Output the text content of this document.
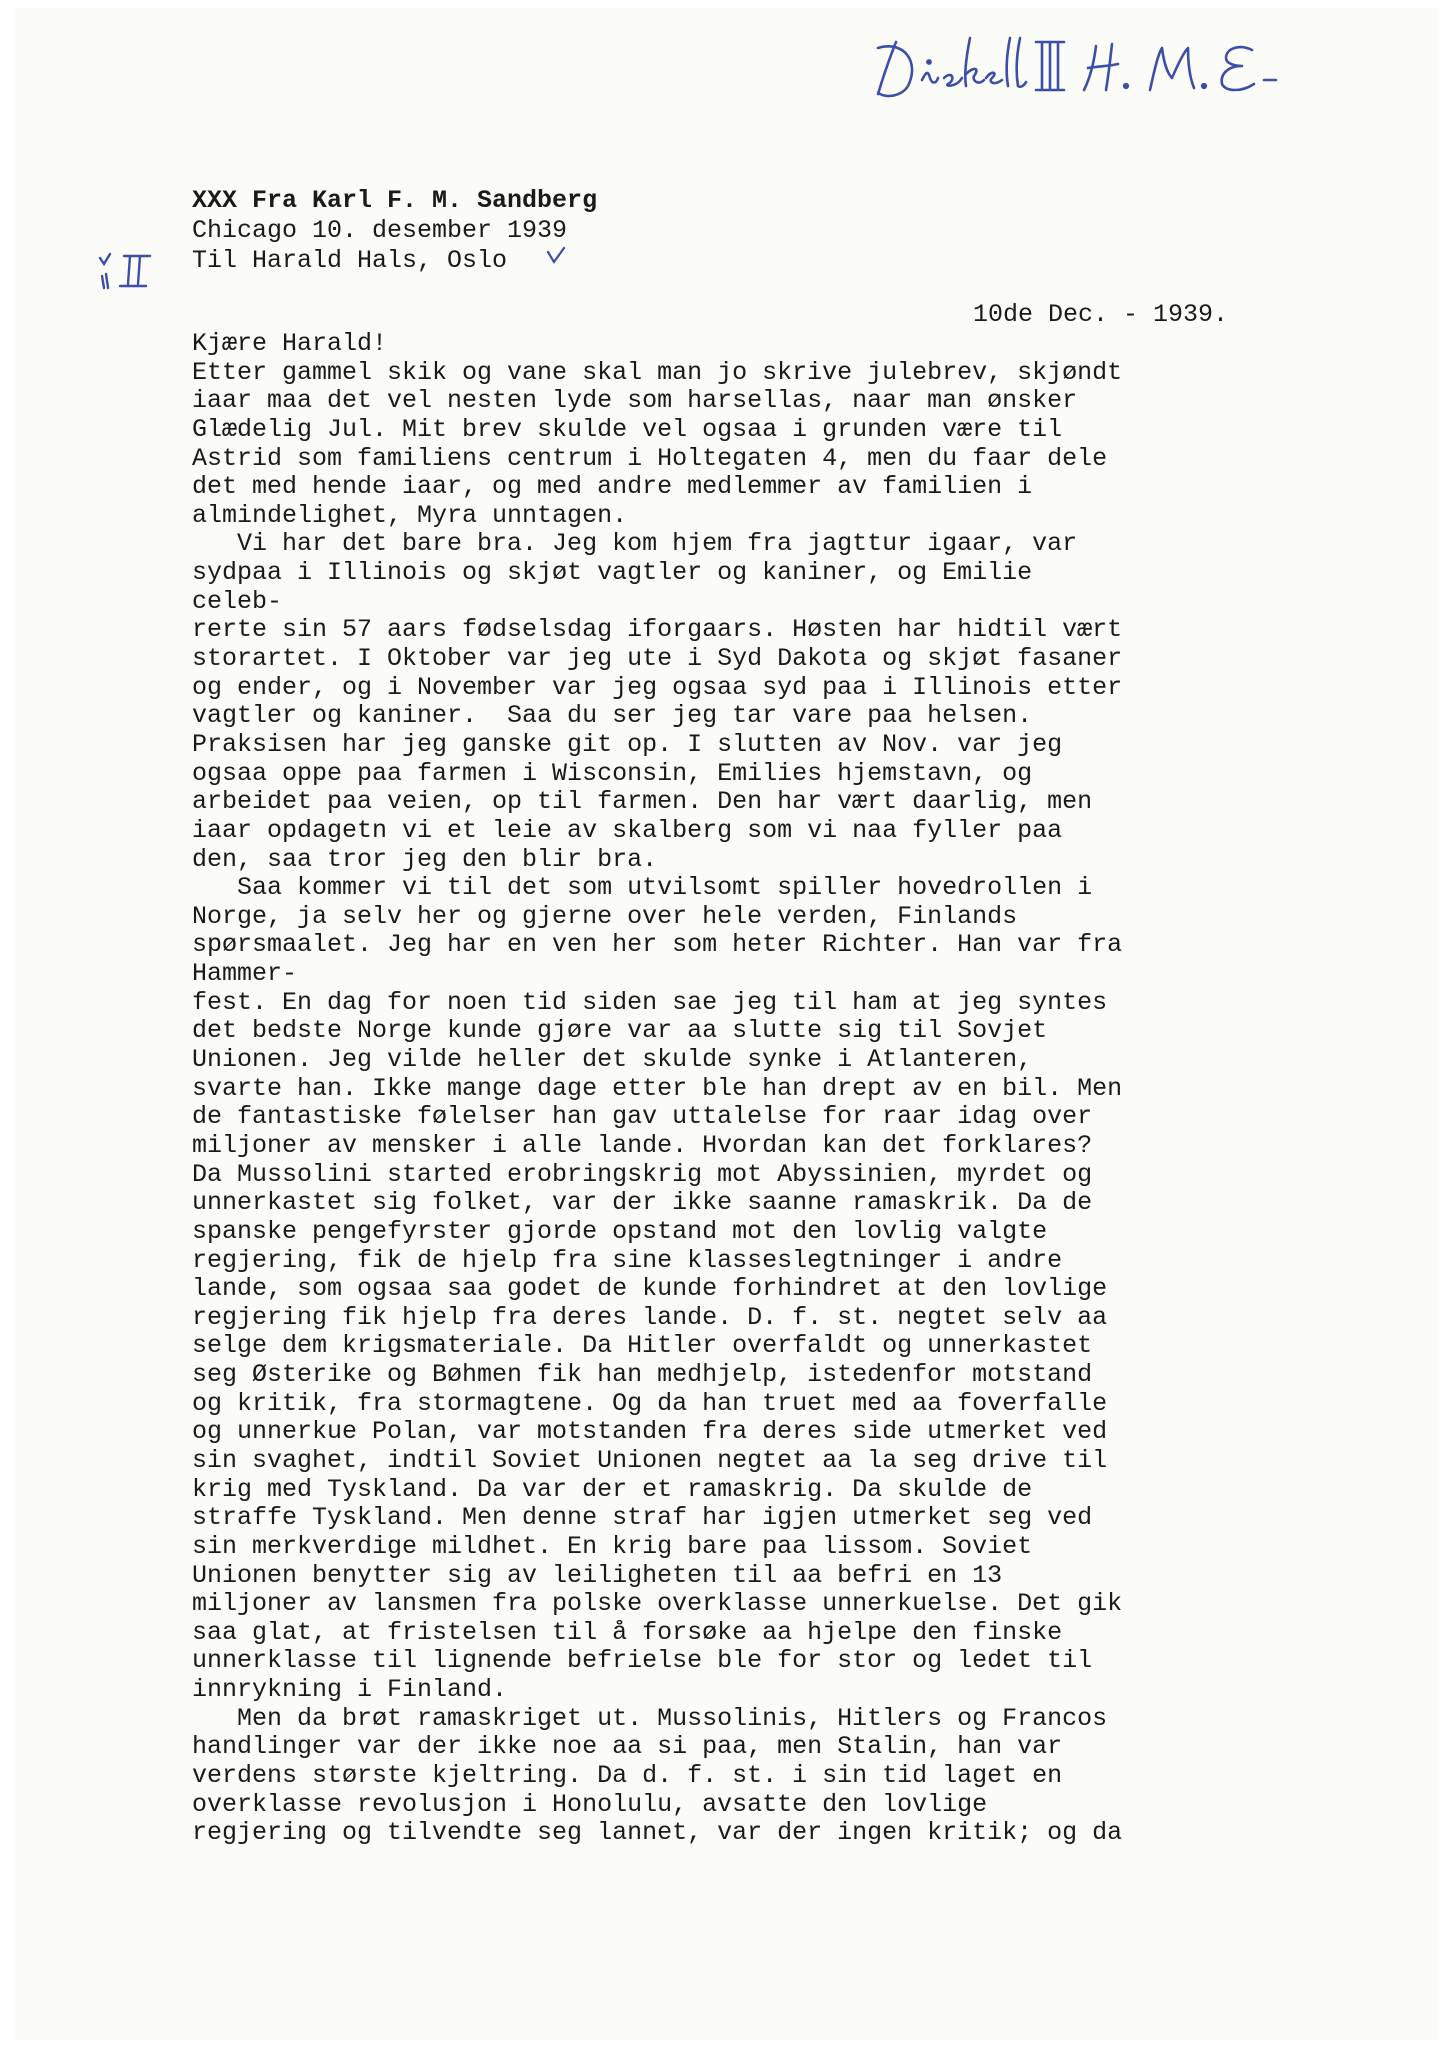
XXX Fra Karl F. M. Sandberg
Chicago 10. desember 1939
Til Harald Hals, Oslo
10de Dec. - 1939.
Kjære Harald!
Etter gammel skik og vane skal man jo skrive julebrev, skjøndt
iaar maa det vel nesten lyde som harsellas, naar man ønsker
Glædelig Jul. Mit brev skulde vel ogsaa i grunden være til
Astrid som familiens centrum i Holtegaten 4, men du faar dele
det med hende iaar, og med andre medlemmer av familien i
almindelighet, Myra unntagen.
Vi har det bare bra. Jeg kom hjem fra jagttur igaar, var
sydpaa i Illinois og skjøt vagtler og kaniner, og Emilie
celeb-
rerte sin 57 aars fødselsdag iforgaars. Høsten har hidtil vært
storartet. I Oktober var jeg ute i Syd Dakota og skjøt fasaner
og ender, og i November var jeg ogsaa syd paa i Illinois etter
vagtler og kaniner.  Saa du ser jeg tar vare paa helsen.
Praksisen har jeg ganske git op. I slutten av Nov. var jeg
ogsaa oppe paa farmen i Wisconsin, Emilies hjemstavn, og
arbeidet paa veien, op til farmen. Den har vært daarlig, men
iaar opdagetn vi et leie av skalberg som vi naa fyller paa
den, saa tror jeg den blir bra.
Saa kommer vi til det som utvilsomt spiller hovedrollen i
Norge, ja selv her og gjerne over hele verden, Finlands
spørsmaalet. Jeg har en ven her som heter Richter. Han var fra
Hammer-
fest. En dag for noen tid siden sae jeg til ham at jeg syntes
det bedste Norge kunde gjøre var aa slutte sig til Sovjet
Unionen. Jeg vilde heller det skulde synke i Atlanteren,
svarte han. Ikke mange dage etter ble han drept av en bil. Men
de fantastiske følelser han gav uttalelse for raar idag over
miljoner av mensker i alle lande. Hvordan kan det forklares?
Da Mussolini started erobringskrig mot Abyssinien, myrdet og
unnerkastet sig folket, var der ikke saanne ramaskrik. Da de
spanske pengefyrster gjorde opstand mot den lovlig valgte
regjering, fik de hjelp fra sine klasseslegtninger i andre
lande, som ogsaa saa godet de kunde forhindret at den lovlige
regjering fik hjelp fra deres lande. D. f. st. negtet selv aa
selge dem krigsmateriale. Da Hitler overfaldt og unnerkastet
seg Østerike og Bøhmen fik han medhjelp, istedenfor motstand
og kritik, fra stormagtene. Og da han truet med aa foverfalle
og unnerkue Polan, var motstanden fra deres side utmerket ved
sin svaghet, indtil Soviet Unionen negtet aa la seg drive til
krig med Tyskland. Da var der et ramaskrig. Da skulde de
straffe Tyskland. Men denne straf har igjen utmerket seg ved
sin merkverdige mildhet. En krig bare paa lissom. Soviet
Unionen benytter sig av leiligheten til aa befri en 13
miljoner av lansmen fra polske overklasse unnerkuelse. Det gik
saa glat, at fristelsen til å forsøke aa hjelpe den finske
unnerklasse til lignende befrielse ble for stor og ledet til
innrykning i Finland.
Men da brøt ramaskriget ut. Mussolinis, Hitlers og Francos
handlinger var der ikke noe aa si paa, men Stalin, han var
verdens største kjeltring. Da d. f. st. i sin tid laget en
overklasse revolusjon i Honolulu, avsatte den lovlige
regjering og tilvendte seg lannet, var der ingen kritik; og da
